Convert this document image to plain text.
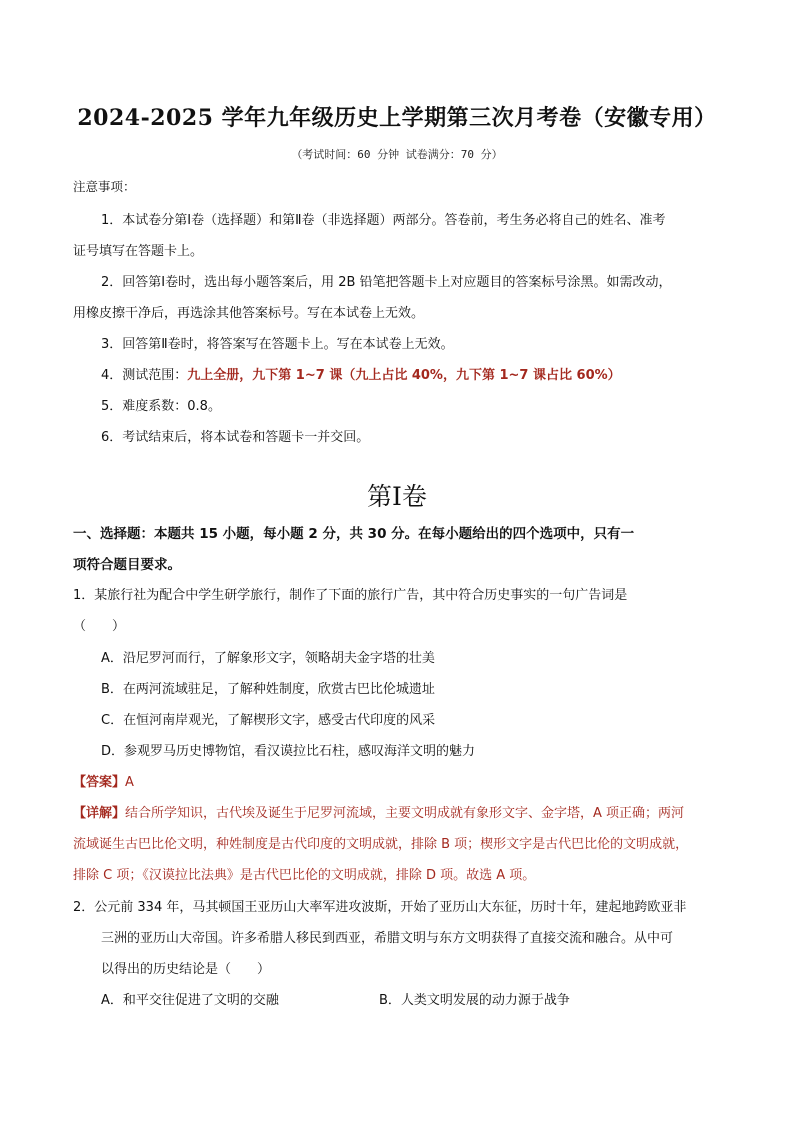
2024-2025 学年九年级历史上学期第三次月考卷（安徽专用）
（考试时间：60 分钟 试卷满分：70 分）
注意事项：
1．本试卷分第Ⅰ卷（选择题）和第Ⅱ卷（非选择题）两部分。答卷前，考生务必将自己的姓名、准考
证号填写在答题卡上。
2．回答第Ⅰ卷时，选出每小题答案后，用 2B 铅笔把答题卡上对应题目的答案标号涂黑。如需改动，
用橡皮擦干净后，再选涂其他答案标号。写在本试卷上无效。
3．回答第Ⅱ卷时，将答案写在答题卡上。写在本试卷上无效。
4．测试范围：九上全册，九下第 1~7 课（九上占比 40%，九下第 1~7 课占比 60%）
5．难度系数：0.8。
6．考试结束后，将本试卷和答题卡一并交回。
第Ⅰ卷
一、选择题：本题共 15 小题，每小题 2 分，共 30 分。在每小题给出的四个选项中，只有一
项符合题目要求。
1．某旅行社为配合中学生研学旅行，制作了下面的旅行广告，其中符合历史事实的一句广告词是
（　　）
A．沿尼罗河而行，了解象形文字，领略胡夫金字塔的壮美
B．在两河流域驻足，了解种姓制度，欣赏古巴比伦城遗址
C．在恒河南岸观光，了解楔形文字，感受古代印度的风采
D．参观罗马历史博物馆，看汉谟拉比石柱，感叹海洋文明的魅力
【答案】A
【详解】结合所学知识，古代埃及诞生于尼罗河流域，主要文明成就有象形文字、金字塔，A 项正确；两河
流域诞生古巴比伦文明，种姓制度是古代印度的文明成就，排除 B 项；楔形文字是古代巴比伦的文明成就，
排除 C 项；《汉谟拉比法典》是古代巴比伦的文明成就，排除 D 项。故选 A 项。
2．公元前 334 年，马其顿国王亚历山大率军进攻波斯，开始了亚历山大东征，历时十年，建起地跨欧亚非
三洲的亚历山大帝国。许多希腊人移民到西亚，希腊文明与东方文明获得了直接交流和融合。从中可
以得出的历史结论是（　　）
A．和平交往促进了文明的交融	B．人类文明发展的动力源于战争
